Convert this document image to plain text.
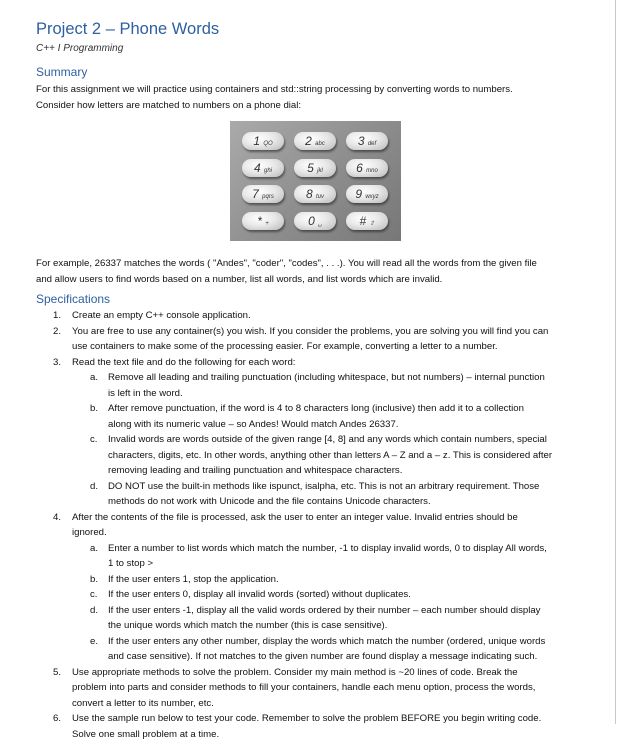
Project 2 – Phone Words
C++ I Programming
Summary

For this assignment we will practice using containers and std::string processing by converting words to numbers.

Consider how letters are matched to numbers on a phone dial:

1 QO	2 abc	3 def
4 ghi	5 jkl	6 mno
7 pqrs	8 tuv	9 wxyz
* +	0 ␣	# ⇧

For example, 26337 matches the words ( "Andes", "coder", "codes", . . .). You will read all the words from the given file

and allow users to find words based on a number, list all words, and list words which are invalid.

Specifications
1. Create an empty C++ console application.
2. You are free to use any container(s) you wish. If you consider the problems, you are solving you will find you can
use containers to make some of the processing easier. For example, converting a letter to a number.
3. Read the text file and do the following for each word:
a. Remove all leading and trailing punctuation (including whitespace, but not numbers) – internal punction
is left in the word.
b. After remove punctuation, if the word is 4 to 8 characters long (inclusive) then add it to a collection
along with its numeric value – so Andes! Would match Andes 26337.
c. Invalid words are words outside of the given range [4, 8] and any words which contain numbers, special
characters, digits, etc. In other words, anything other than letters A – Z and a – z. This is considered after
removing leading and trailing punctuation and whitespace characters.
d. DO NOT use the built-in methods like ispunct, isalpha, etc. This is not an arbitrary requirement. Those
methods do not work with Unicode and the file contains Unicode characters.
4. After the contents of the file is processed, ask the user to enter an integer value. Invalid entries should be
ignored.
a. Enter a number to list words which match the number, -1 to display invalid words, 0 to display All words,
1 to stop >
b. If the user enters 1, stop the application.
c. If the user enters 0, display all invalid words (sorted) without duplicates.
d. If the user enters -1, display all the valid words ordered by their number – each number should display
the unique words which match the number (this is case sensitive).
e. If the user enters any other number, display the words which match the number (ordered, unique words
and case sensitive). If not matches to the given number are found display a message indicating such.
5. Use appropriate methods to solve the problem. Consider my main method is ~20 lines of code. Break the
problem into parts and consider methods to fill your containers, handle each menu option, process the words,
convert a letter to its number, etc.
6. Use the sample run below to test your code. Remember to solve the problem BEFORE you begin writing code.
Solve one small problem at a time.
